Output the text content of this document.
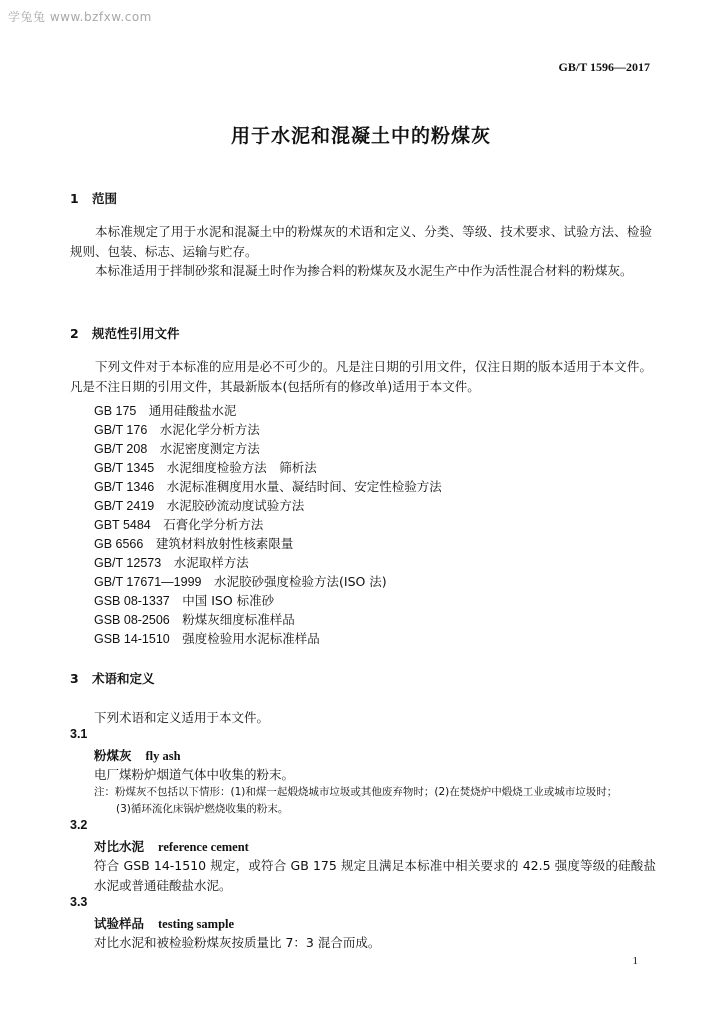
学兔兔 www.bzfxw.com
GB/T 1596—2017
用于水泥和混凝土中的粉煤灰
1 范围
本标准规定了用于水泥和混凝土中的粉煤灰的术语和定义、分类、等级、技术要求、试验方法、检验规则、包装、标志、运输与贮存。
本标准适用于拌制砂浆和混凝土时作为掺合料的粉煤灰及水泥生产中作为活性混合材料的粉煤灰。
2 规范性引用文件
下列文件对于本标准的应用是必不可少的。凡是注日期的引用文件，仅注日期的版本适用于本文件。凡是不注日期的引用文件，其最新版本(包括所有的修改单)适用于本文件。
GB 175　 通用硅酸盐水泥
GB/T 176　 水泥化学分析方法
GB/T 208　 水泥密度测定方法
GB/T 1345　 水泥细度检验方法　筛析法
GB/T 1346　 水泥标准稠度用水量、凝结时间、安定性检验方法
GB/T 2419　 水泥胶砂流动度试验方法
GBT 5484　 石膏化学分析方法
GB 6566　 建筑材料放射性核素限量
GB/T 12573　 水泥取样方法
GB/T 17671—1999　 水泥胶砂强度检验方法(ISO 法)
GSB 08-1337　 中国 ISO 标准砂
GSB 08-2506　 粉煤灰细度标准样品
GSB 14-1510　 强度检验用水泥标准样品
3 术语和定义
下列术语和定义适用于本文件。
3.1
粉煤灰 fly ash
电厂煤粉炉烟道气体中收集的粉末。
注：粉煤灰不包括以下情形：(1)和煤一起煅烧城市垃圾或其他废弃物时；(2)在焚烧炉中煅烧工业或城市垃圾时；
(3)循环流化床锅炉燃烧收集的粉末。
3.2
对比水泥 reference cement
符合 GSB 14-1510 规定，或符合 GB 175 规定且满足本标准中相关要求的 42.5 强度等级的硅酸盐水泥或普通硅酸盐水泥。
3.3
试验样品 testing sample
对比水泥和被检验粉煤灰按质量比 7：3 混合而成。
1
